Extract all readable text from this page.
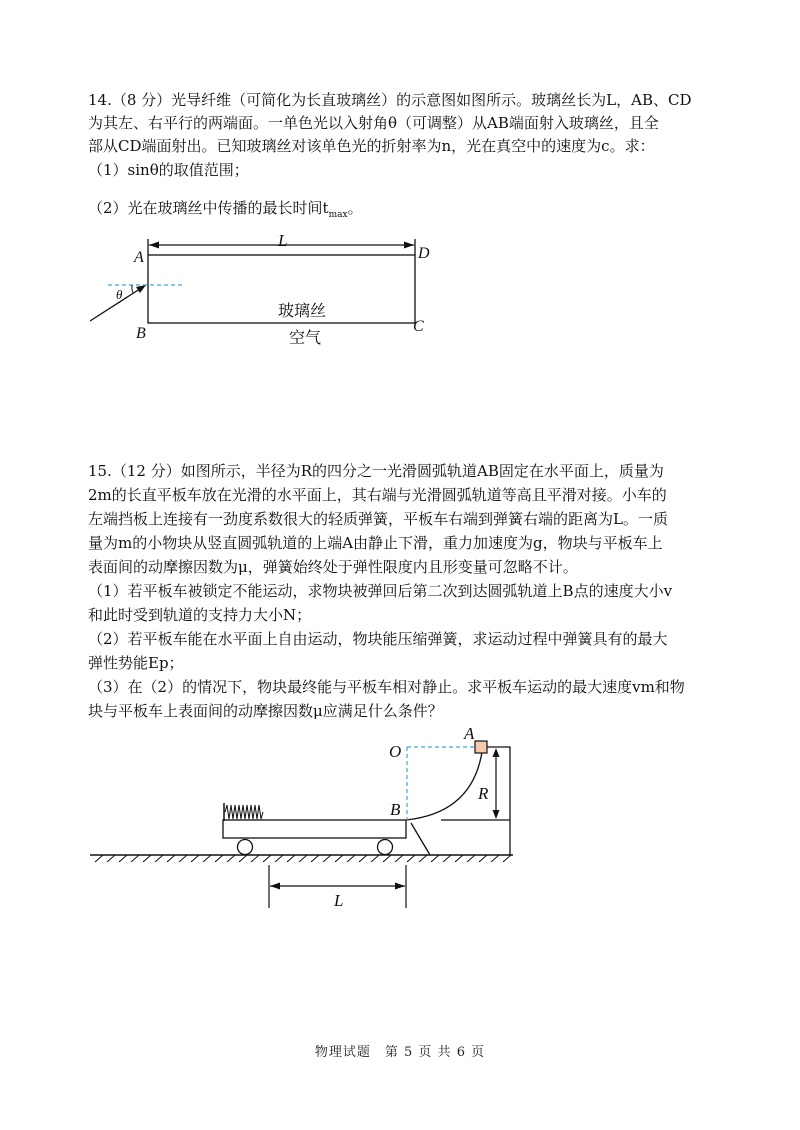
14.（8 分）光导纤维（可简化为长直玻璃丝）的示意图如图所示。玻璃丝长为L，AB、CD
为其左、右平行的两端面。一单色光以入射角θ（可调整）从AB端面射入玻璃丝，且全
部从CD端面射出。已知玻璃丝对该单色光的折射率为n，光在真空中的速度为c。求：
（1）sinθ的取值范围；
（2）光在玻璃丝中传播的最长时间$t_{max}$。
L
A	D
θ
B	C
玻璃丝
空气
15.（12 分）如图所示，半径为R的四分之一光滑圆弧轨道AB固定在水平面上，质量为
2m的长直平板车放在光滑的水平面上，其右端与光滑圆弧轨道等高且平滑对接。小车的
左端挡板上连接有一劲度系数很大的轻质弹簧，平板车右端到弹簧右端的距离为L。一质
量为m的小物块从竖直圆弧轨道的上端A由静止下滑，重力加速度为g，物块与平板车上
表面间的动摩擦因数为μ，弹簧始终处于弹性限度内且形变量可忽略不计。
（1）若平板车被锁定不能运动，求物块被弹回后第二次到达圆弧轨道上B点的速度大小v
和此时受到轨道的支持力大小N；
（2）若平板车能在水平面上自由运动，物块能压缩弹簧，求运动过程中弹簧具有的最大
弹性势能Ep；
（3）在（2）的情况下，物块最终能与平板车相对静止。求平板车运动的最大速度vm和物
块与平板车上表面间的动摩擦因数μ应满足什么条件？
O
A
B
R
L
物理试题　第 5 页 共 6 页
